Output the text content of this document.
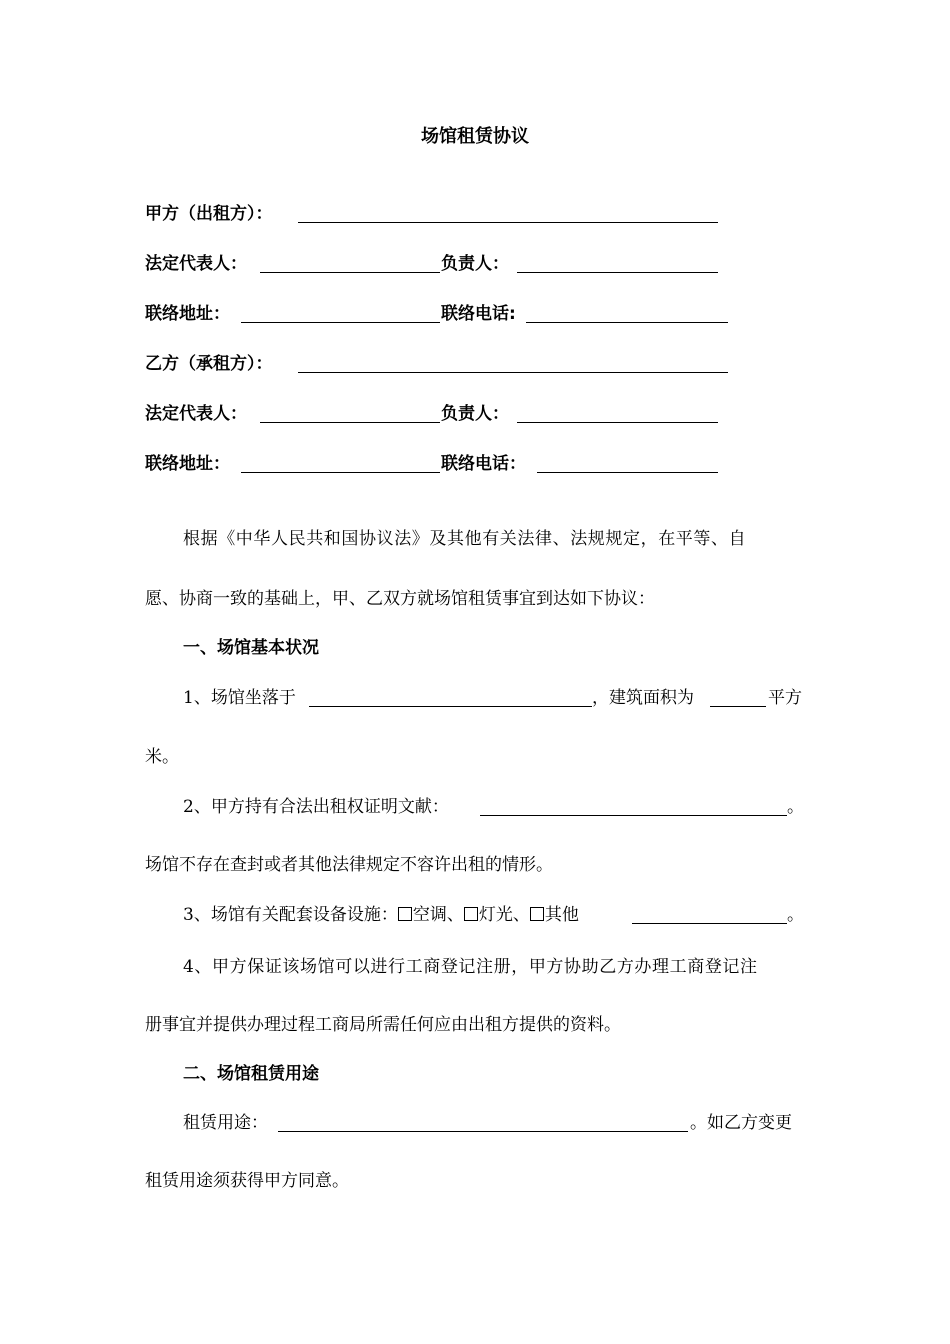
场馆租赁协议
甲方（出租方）：
法定代表人：	负责人：
联络地址：	联络电话:
乙方（承租方）：
法定代表人：	负责人：
联络地址：	联络电话：
根据《中华人民共和国协议法》及其他有关法律、法规规定，在平等、自
愿、协商一致的基础上，甲、乙双方就场馆租赁事宜到达如下协议：
一、场馆基本状况
1、场馆坐落于	，建筑面积为	平方
米。
2、甲方持有合法出租权证明文献：	。
场馆不存在查封或者其他法律规定不容许出租的情形。
3、场馆有关配套设备设施： 空调、 灯光、 其他	。
4、甲方保证该场馆可以进行工商登记注册，甲方协助乙方办理工商登记注
册事宜并提供办理过程工商局所需任何应由出租方提供的资料。
二、场馆租赁用途
租赁用途：	。如乙方变更
租赁用途须获得甲方同意。
